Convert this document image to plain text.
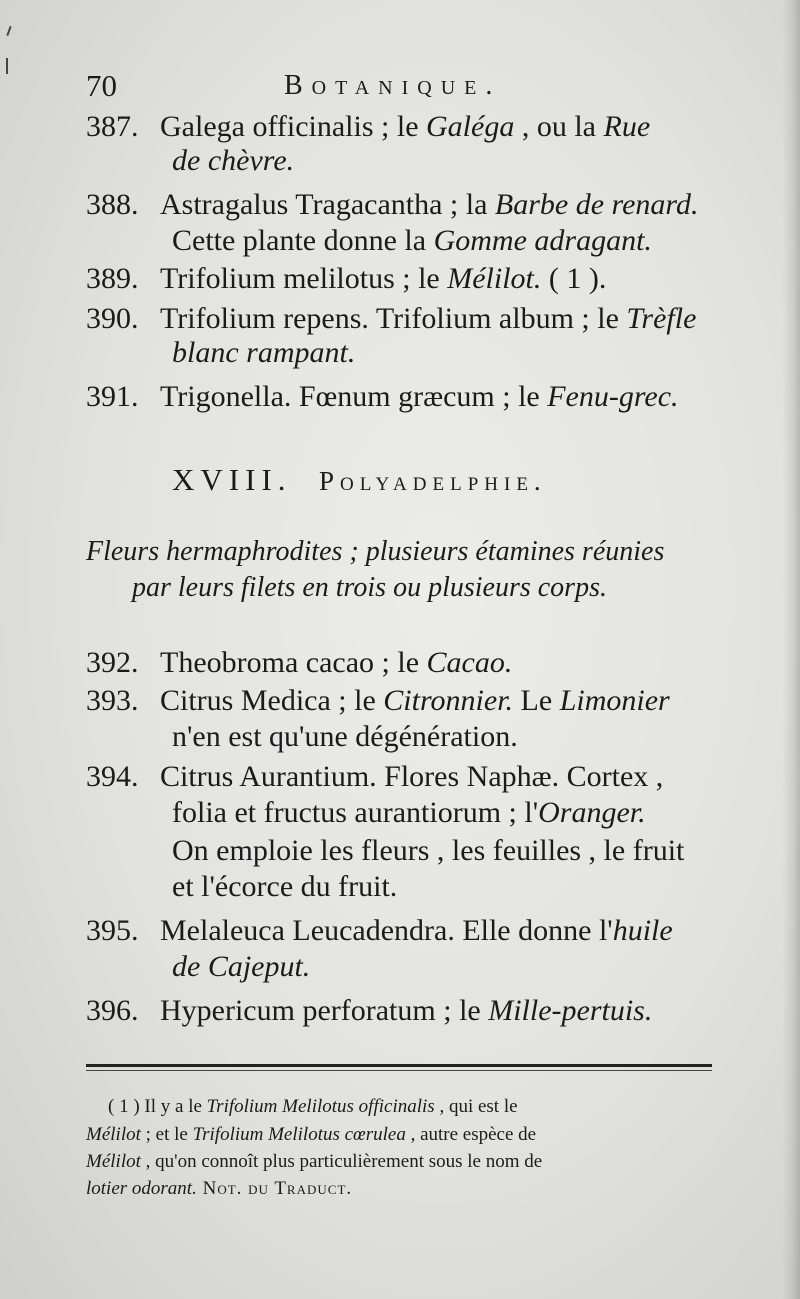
70	Botanique.
387. Galega officinalis ; le Galéga , ou la Rue
de chèvre.
388. Astragalus Tragacantha ; la Barbe de renard.
Cette plante donne la Gomme adragant.
389. Trifolium melilotus ; le Mélilot. ( 1 ).
390. Trifolium repens. Trifolium album ; le Trèfle
blanc rampant.
391. Trigonella. Fœnum græcum ; le Fenu-grec.
XVIII. Polyadelphie.
Fleurs hermaphrodites ; plusieurs étamines réunies
par leurs filets en trois ou plusieurs corps.
392. Theobroma cacao ; le Cacao.
393. Citrus Medica ; le Citronnier. Le Limonier
n'en est qu'une dégénération.
394. Citrus Aurantium. Flores Naphæ. Cortex ,
folia et fructus aurantiorum ; l'Oranger.
On emploie les fleurs , les feuilles , le fruit
et l'écorce du fruit.
395. Melaleuca Leucadendra. Elle donne l'huile
de Cajeput.
396. Hypericum perforatum ; le Mille-pertuis.
( 1 ) Il y a le Trifolium Melilotus officinalis , qui est le
Mélilot ; et le Trifolium Melilotus cœrulea , autre espèce de
Mélilot , qu'on connoît plus particulièrement sous le nom de
lotier odorant. Not. du Traduct.
